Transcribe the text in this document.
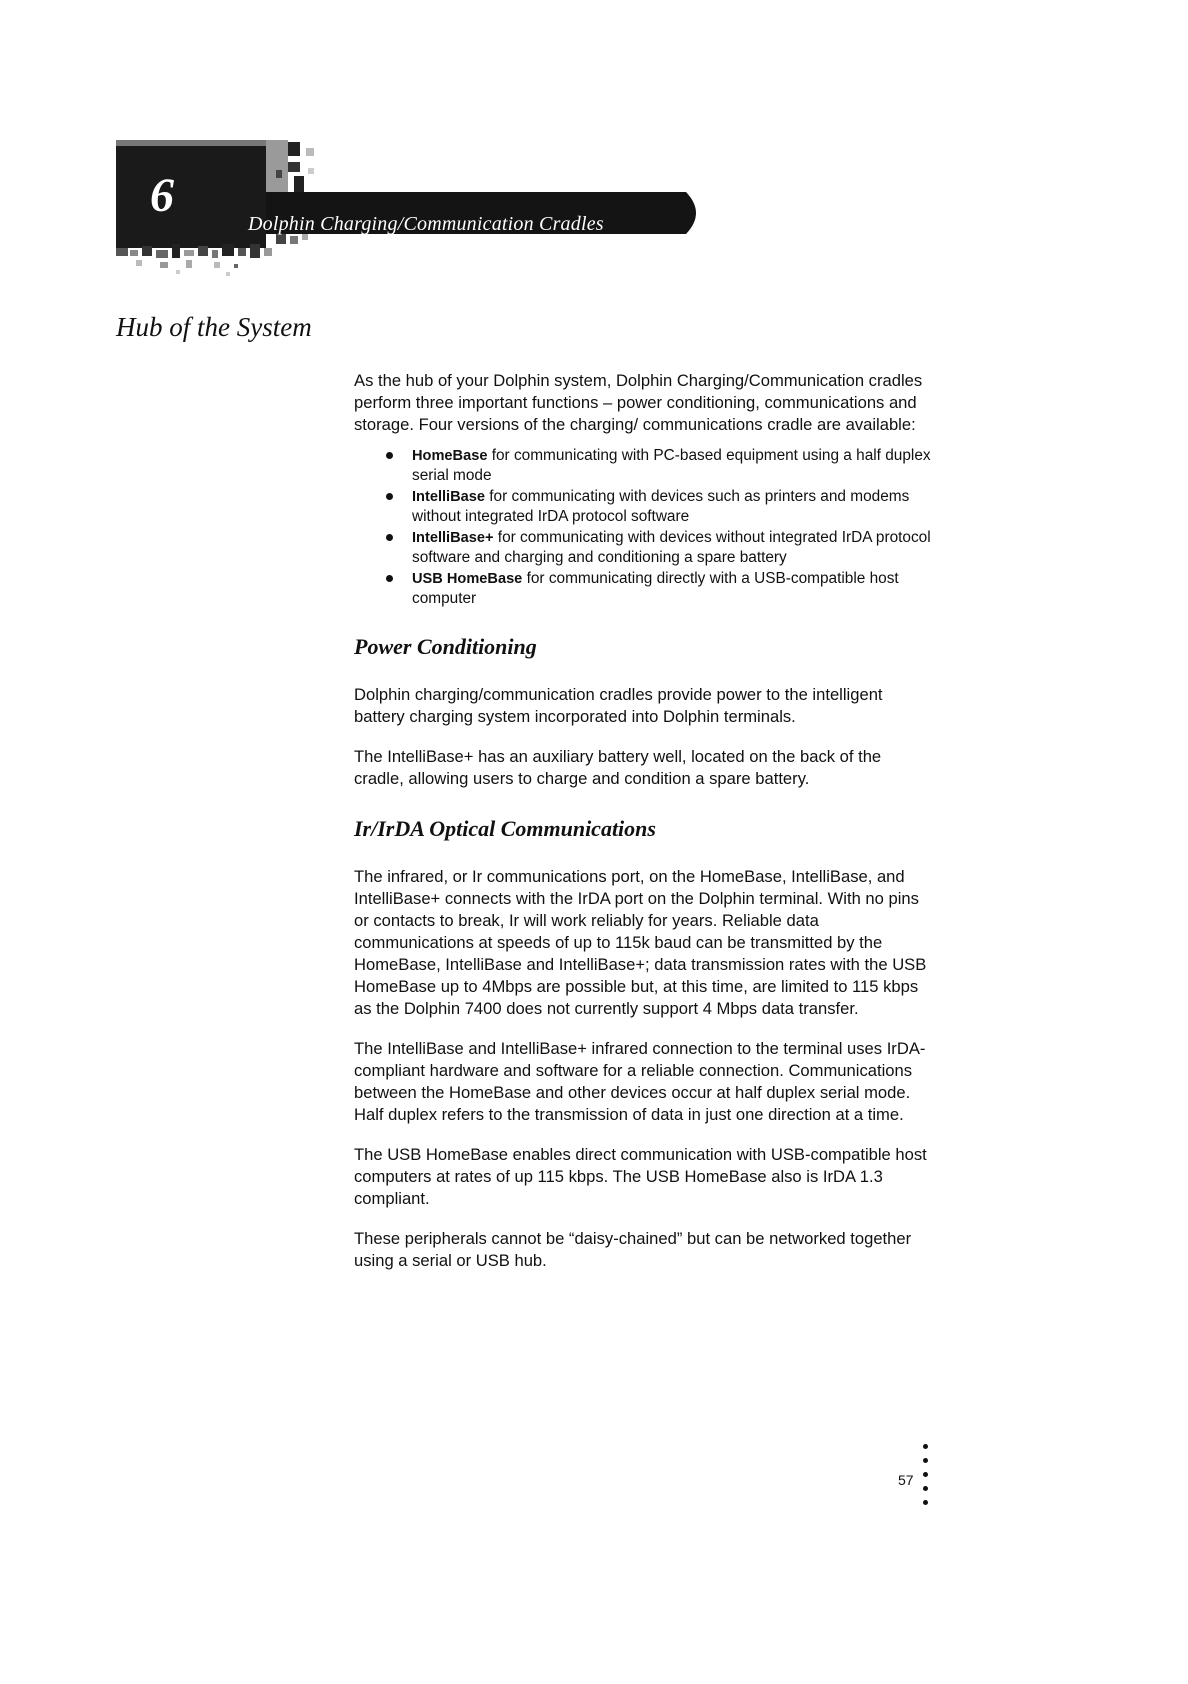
6
Dolphin Charging/Communication Cradles
Hub of the System

As the hub of your Dolphin system, Dolphin Charging/Communication cradles perform three important functions – power conditioning, communications and storage. Four versions of the charging/ communications cradle are available:

HomeBase for communicating with PC-based equipment using a half duplex serial mode
IntelliBase for communicating with devices such as printers and modems without integrated IrDA protocol software
IntelliBase+ for communicating with devices without integrated IrDA protocol software and charging and conditioning a spare battery
USB HomeBase for communicating directly with a USB-compatible host computer
Power Conditioning

Dolphin charging/communication cradles provide power to the intelligent battery charging system incorporated into Dolphin terminals.

The IntelliBase+ has an auxiliary battery well, located on the back of the cradle, allowing users to charge and condition a spare battery.

Ir/IrDA Optical Communications

The infrared, or Ir communications port, on the HomeBase, IntelliBase, and IntelliBase+ connects with the IrDA port on the Dolphin terminal. With no pins or contacts to break, Ir will work reliably for years. Reliable data communications at speeds of up to 115k baud can be transmitted by the HomeBase, IntelliBase and IntelliBase+; data transmission rates with the USB HomeBase up to 4Mbps are possible but, at this time, are limited to 115 kbps as the Dolphin 7400 does not currently support 4 Mbps data transfer.

The IntelliBase and IntelliBase+ infrared connection to the terminal uses IrDA-compliant hardware and software for a reliable connection. Communications between the HomeBase and other devices occur at half duplex serial mode. Half duplex refers to the transmission of data in just one direction at a time.

The USB HomeBase enables direct communication with USB-compatible host computers at rates of up 115 kbps. The USB HomeBase also is IrDA 1.3 compliant.

These peripherals cannot be “daisy-chained” but can be networked together using a serial or USB hub.

57
